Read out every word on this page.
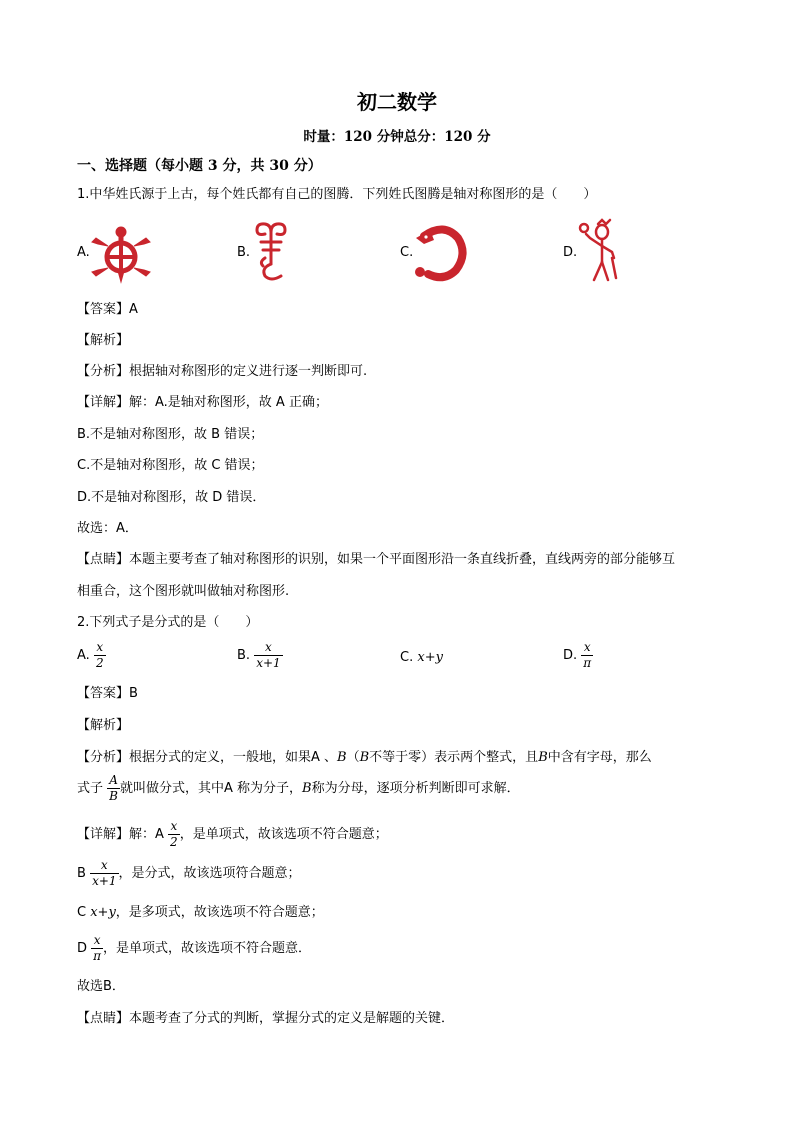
初二数学
时量：120 分钟总分：120 分
一、选择题（每小题 3 分，共 30 分）
1.中华姓氏源于上古，每个姓氏都有自己的图腾．下列姓氏图腾是轴对称图形的是（　　）
A.	B.	C.	D.
【答案】A
【解析】
【分析】根据轴对称图形的定义进行逐一判断即可.
【详解】解：A.是轴对称图形，故 A 正确；
B.不是轴对称图形，故 B 错误；
C.不是轴对称图形，故 C 错误；
D.不是轴对称图形，故 D 错误．
故选：A．
【点睛】本题主要考查了轴对称图形的识别，如果一个平面图形沿一条直线折叠，直线两旁的部分能够互
相重合，这个图形就叫做轴对称图形.
2.下列式子是分式的是（　　）
A. $\frac{x}{2}$	B. $\frac{x}{x+1}$	C. x+y	D. $\frac{x}{\pi}$
【答案】B
【解析】
【分析】根据分式的定义，一般地，如果A 、B（B不等于零）表示两个整式，且B中含有字母，那么
式子 $\frac{A}{B}$ 就叫做分式，其中A 称为分子，B称为分母，逐项分析判断即可求解．
【详解】解：A $\frac{x}{2}$ ，是单项式，故该选项不符合题意；
B $\frac{x}{x+1}$ ，是分式，故该选项符合题意；
C x+y，是多项式，故该选项不符合题意；
D $\frac{x}{\pi}$ ，是单项式，故该选项不符合题意．
故选B．
【点睛】本题考查了分式的判断，掌握分式的定义是解题的关键．
